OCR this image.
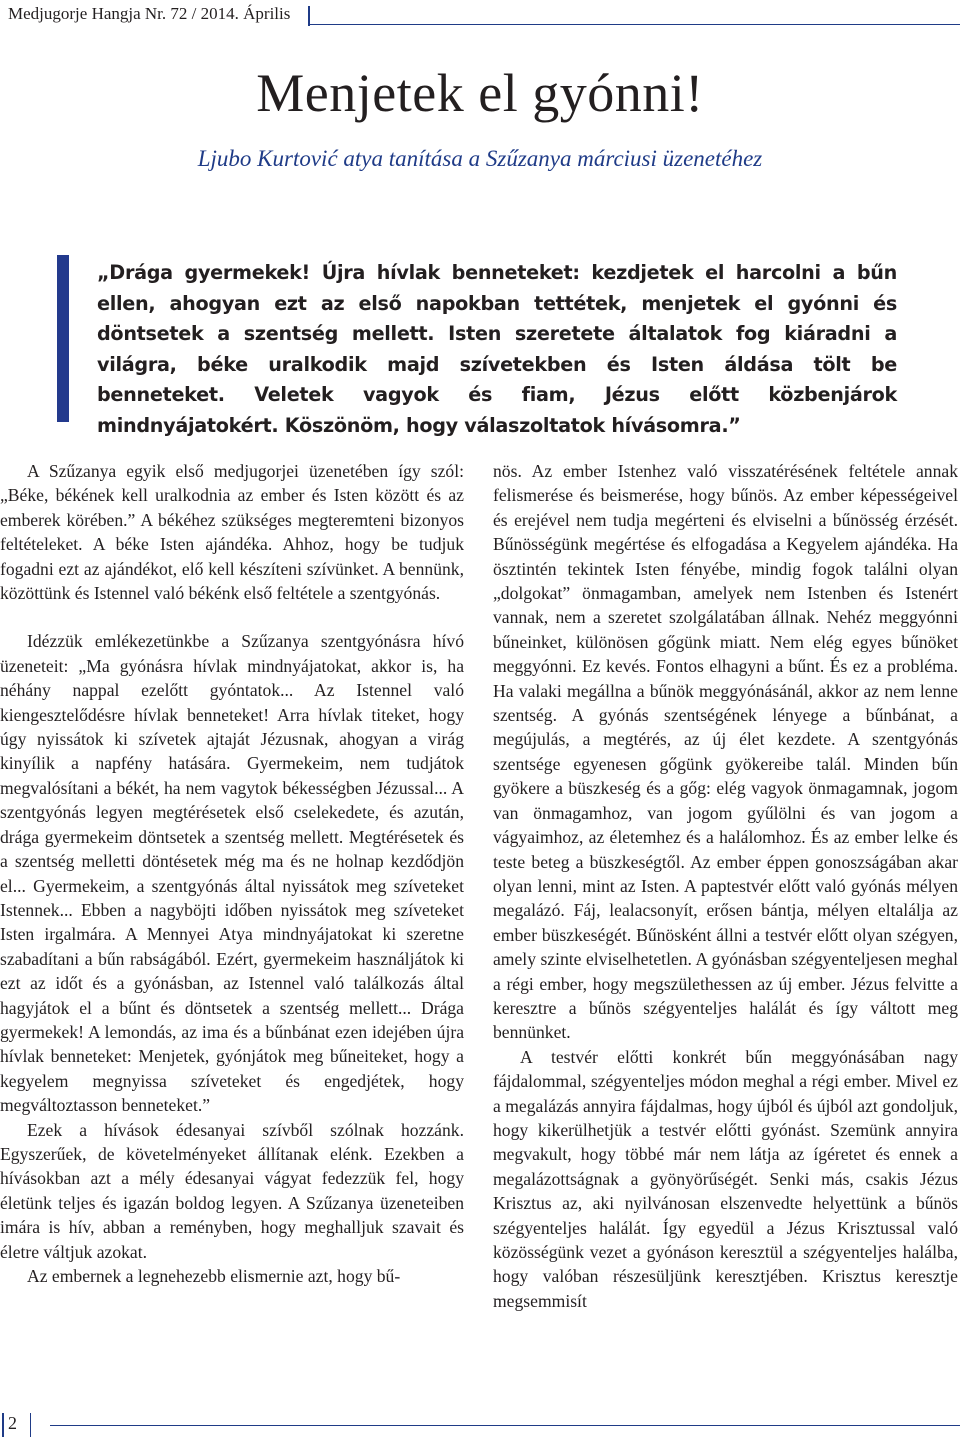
Medjugorje Hangja Nr. 72 / 2014. Április
Menjetek el gyónni!
Ljubo Kurtović atya tanítása a Szűzanya márciusi üzenetéhez
„Drága gyermekek! Újra hívlak benneteket: kezdjetek el harcolni a bűn ellen, ahogyan ezt az első napokban tettétek, menjetek el gyónni és döntsetek a szentség mellett. Isten szeretete általatok fog kiáradni a világra, béke uralkodik majd szívetekben és Isten áldása tölt be benneteket. Veletek vagyok és fiam, Jézus előtt közbenjárok mindnyájatokért. Köszönöm, hogy válaszoltatok hívásomra.”

A Szűzanya egyik első medjugorjei üzenetében így szól: „Béke, békének kell uralkodnia az ember és Isten között és az emberek körében.” A békéhez szükséges megteremteni bizonyos feltételeket. A béke Isten ajándéka. Ahhoz, hogy be tudjuk fogadni ezt az ajándékot, elő kell készíteni szívünket. A bennünk, közöttünk és Istennel való békénk első feltétele a szentgyónás.

Idézzük emlékezetünkbe a Szűzanya szentgyónásra hívó üzeneteit: „Ma gyónásra hívlak mindnyájatokat, akkor is, ha néhány nappal ezelőtt gyóntatok... Az Istennel való kiengesztelődésre hívlak benneteket! Arra hívlak titeket, hogy úgy nyissátok ki szívetek ajtaját Jézusnak, ahogyan a virág kinyílik a napfény hatására. Gyermekeim, nem tudjátok megvalósítani a békét, ha nem vagytok békességben Jézussal... A szentgyónás legyen megtérésetek első cselekedete, és azután, drága gyermekeim döntsetek a szentség mellett. Megtérésetek és a szentség melletti döntésetek még ma és ne holnap kezdődjön el... Gyermekeim, a szentgyónás által nyissátok meg szíveteket Istennek... Ebben a nagyböjti időben nyissátok meg szíveteket Isten irgalmára. A Mennyei Atya mindnyájatokat ki szeretne szabadítani a bűn rabságából. Ezért, gyermekeim használjátok ki ezt az időt és a gyónásban, az Istennel való találkozás által hagyjátok el a bűnt és döntsetek a szentség mellett... Drága gyermekek! A lemondás, az ima és a bűnbánat ezen idejében újra hívlak benneteket: Menjetek, gyónjátok meg bűneiteket, hogy a kegyelem megnyissa szíveteket és engedjétek, hogy megváltoztasson benneteket.”

Ezek a hívások édesanyai szívből szólnak hozzánk. Egyszerűek, de követelményeket állítanak elénk. Ezekben a hívásokban azt a mély édesanyai vágyat fedezzük fel, hogy életünk teljes és igazán boldog legyen. A Szűzanya üzeneteiben imára is hív, abban a reményben, hogy meghalljuk szavait és életre váltjuk azokat.

Az embernek a legnehezebb elismernie azt, hogy bű-

nös. Az ember Istenhez való visszatérésének feltétele annak felismerése és beismerése, hogy bűnös. Az ember képességeivel és erejével nem tudja megérteni és elviselni a bűnösség érzését. Bűnösségünk megértése és elfogadása a Kegyelem ajándéka. Ha ösztintén tekintek Isten fényébe, mindig fogok találni olyan „dolgokat” önmagamban, amelyek nem Istenben és Istenért vannak, nem a szeretet szolgálatában állnak. Nehéz meggyónni bűneinket, különösen gőgünk miatt. Nem elég egyes bűnöket meggyónni. Ez kevés. Fontos elhagyni a bűnt. És ez a probléma. Ha valaki megállna a bűnök meggyónásánál, akkor az nem lenne szentség. A gyónás szentségének lényege a bűnbánat, a megújulás, a megtérés, az új élet kezdete. A szentgyónás szentsége egyenesen gőgünk gyökereibe talál. Minden bűn gyökere a büszkeség és a gőg: elég vagyok önmagamnak, jogom van önmagamhoz, van jogom gyűlölni és van jogom a vágyaimhoz, az életemhez és a halálomhoz. És az ember lelke és teste beteg a büszkeségtől. Az ember éppen gonoszságában akar olyan lenni, mint az Isten. A paptestvér előtt való gyónás mélyen megalázó. Fáj, lealacsonyít, erősen bántja, mélyen eltalálja az ember büszkeségét. Bűnösként állni a testvér előtt olyan szégyen, amely szinte elviselhetetlen. A gyónásban szégyenteljesen meghal a régi ember, hogy megszülethessen az új ember. Jézus felvitte a keresztre a bűnös szégyenteljes halálát és így váltott meg bennünket.

A testvér előtti konkrét bűn meggyónásában nagy fájdalommal, szégyenteljes módon meghal a régi ember. Mivel ez a megalázás annyira fájdalmas, hogy újból és újból azt gondoljuk, hogy kikerülhetjük a testvér előtti gyónást. Szemünk annyira megvakult, hogy többé már nem látja az ígéretet és ennek a megalázottságnak a gyönyörűségét. Senki más, csakis Jézus Krisztus az, aki nyilvánosan elszenvedte helyettünk a bűnös szégyenteljes halálát. Így egyedül a Jézus Krisztussal való közösségünk vezet a gyónáson keresztül a szégyenteljes halálba, hogy valóban részesüljünk keresztjében. Krisztus keresztje megsemmisít

2
